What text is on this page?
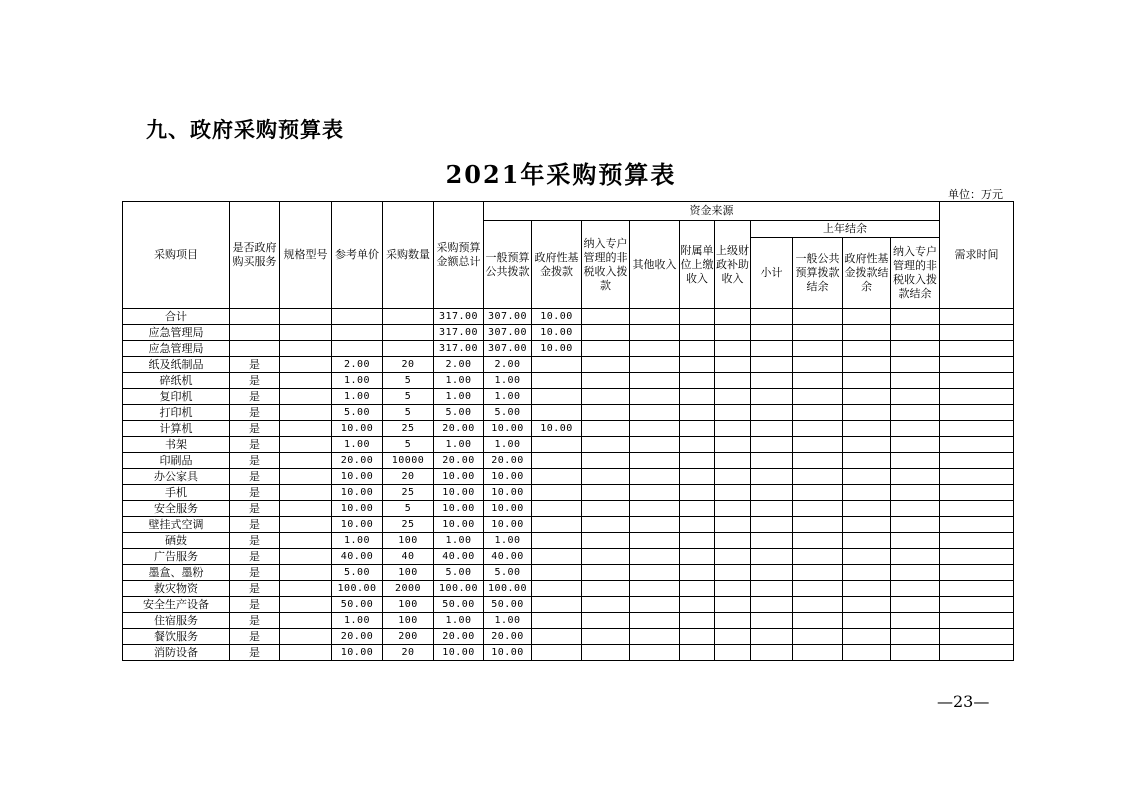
九、政府采购预算表
2021年采购预算表
单位：万元
采购项目	是否政府购买服务	规格型号	参考单价	采购数量	采购预算金额总计	资金来源										需求时间
						一般预算公共拨款	政府性基金拨款	纳入专户管理的非税收入拨款	其他收入	附属单位上缴收入	上级财政补助收入	上年结余				
												小计	一般公共预算拨款结余	政府性基金拨款结余	纳入专户管理的非税收入拨款结余	
合计					317.00	307.00	10.00									
应急管理局					317.00	307.00	10.00									
应急管理局					317.00	307.00	10.00									
纸及纸制品	是		2.00	20	2.00	2.00										
碎纸机	是		1.00	5	1.00	1.00										
复印机	是		1.00	5	1.00	1.00										
打印机	是		5.00	5	5.00	5.00										
计算机	是		10.00	25	20.00	10.00	10.00									
书架	是		1.00	5	1.00	1.00										
印刷品	是		20.00	10000	20.00	20.00										
办公家具	是		10.00	20	10.00	10.00										
手机	是		10.00	25	10.00	10.00										
安全服务	是		10.00	5	10.00	10.00										
壁挂式空调	是		10.00	25	10.00	10.00										
硒鼓	是		1.00	100	1.00	1.00										
广告服务	是		40.00	40	40.00	40.00										
墨盒、墨粉	是		5.00	100	5.00	5.00										
救灾物资	是		100.00	2000	100.00	100.00										
安全生产设备	是		50.00	100	50.00	50.00										
住宿服务	是		1.00	100	1.00	1.00										
餐饮服务	是		20.00	200	20.00	20.00										
消防设备	是		10.00	20	10.00	10.00										
—23—
